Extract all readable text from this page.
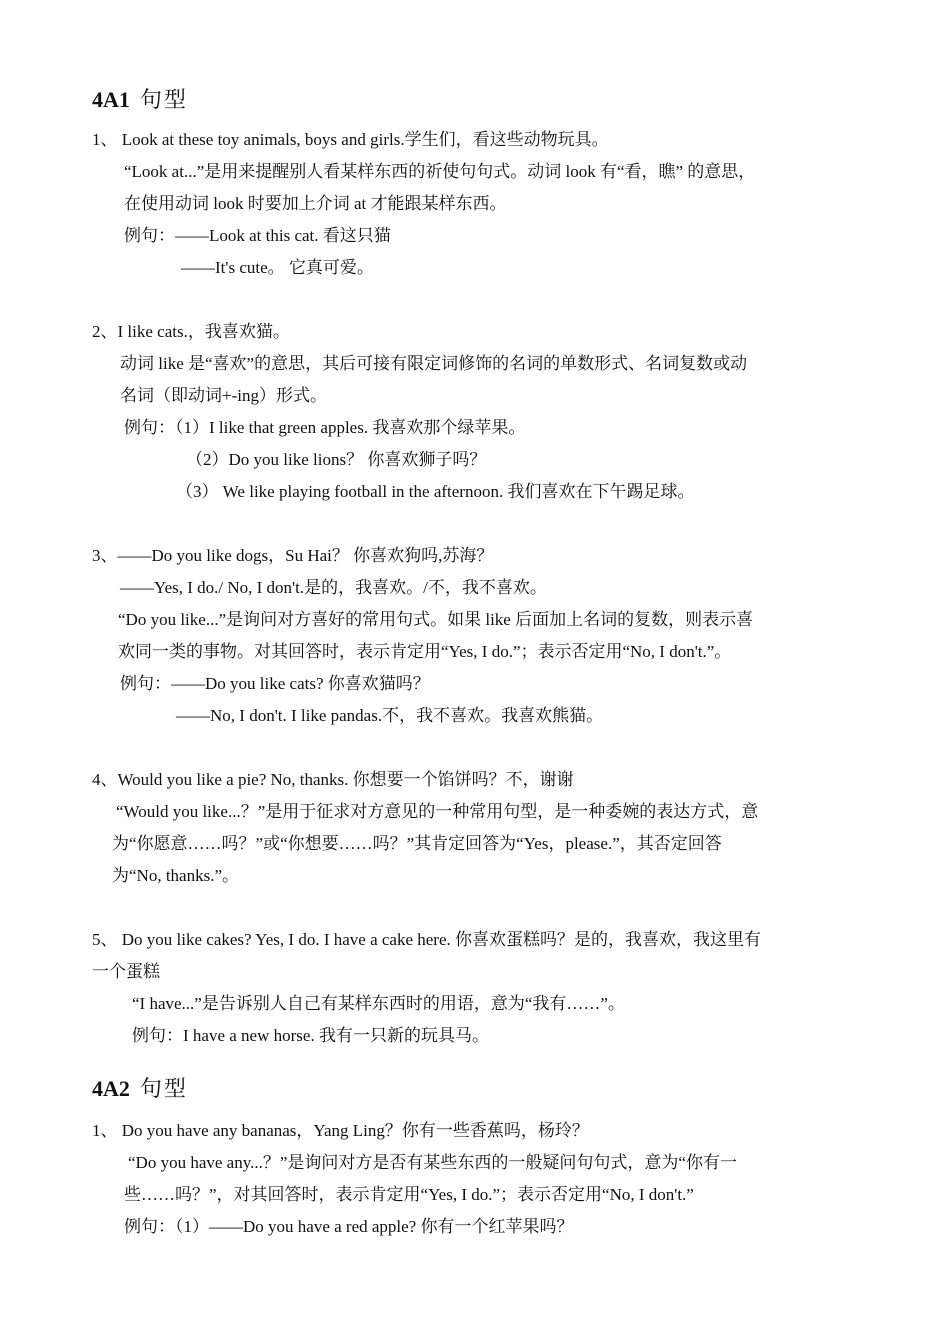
4A1 句型
1、 Look at these toy animals, boys and girls.学生们，看这些动物玩具。
“Look at...”是用来提醒别人看某样东西的祈使句句式。动词 look 有“看，瞧” 的意思，
在使用动词 look 时要加上介词 at 才能跟某样东西。
例句：——Look at this cat. 看这只猫
——It's cute。 它真可爱。
2、I like cats.，我喜欢猫。
动词 like 是“喜欢”的意思，其后可接有限定词修饰的名词的单数形式、名词复数或动
名词（即动词+-ing）形式。
例句：（1）I like that green apples. 我喜欢那个绿苹果。
（2）Do you like lions？ 你喜欢狮子吗？
（3） We like playing football in the afternoon. 我们喜欢在下午踢足球。
3、——Do you like dogs，Su Hai？ 你喜欢狗吗,苏海？
——Yes, I do./ No, I don't.是的，我喜欢。/不，我不喜欢。
“Do you like...”是询问对方喜好的常用句式。如果 like 后面加上名词的复数，则表示喜
欢同一类的事物。对其回答时，表示肯定用“Yes, I do.”；表示否定用“No, I don't.”。
例句：——Do you like cats? 你喜欢猫吗？
——No, I don't. I like pandas.不，我不喜欢。我喜欢熊猫。
4、Would you like a pie? No, thanks. 你想要一个馅饼吗？不，谢谢
“Would you like...？”是用于征求对方意见的一种常用句型，是一种委婉的表达方式，意
为“你愿意……吗？”或“你想要……吗？”其肯定回答为“Yes，please.”，其否定回答
为“No, thanks.”。
5、 Do you like cakes? Yes, I do. I have a cake here. 你喜欢蛋糕吗？是的，我喜欢，我这里有
一个蛋糕
“I have...”是告诉别人自己有某样东西时的用语，意为“我有……”。
例句：I have a new horse. 我有一只新的玩具马。
4A2 句型
1、 Do you have any bananas，Yang Ling？你有一些香蕉吗，杨玲？
“Do you have any...？”是询问对方是否有某些东西的一般疑问句句式，意为“你有一
些……吗？”，对其回答时，表示肯定用“Yes, I do.”；表示否定用“No, I don't.”
例句：（1）——Do you have a red apple? 你有一个红苹果吗？
